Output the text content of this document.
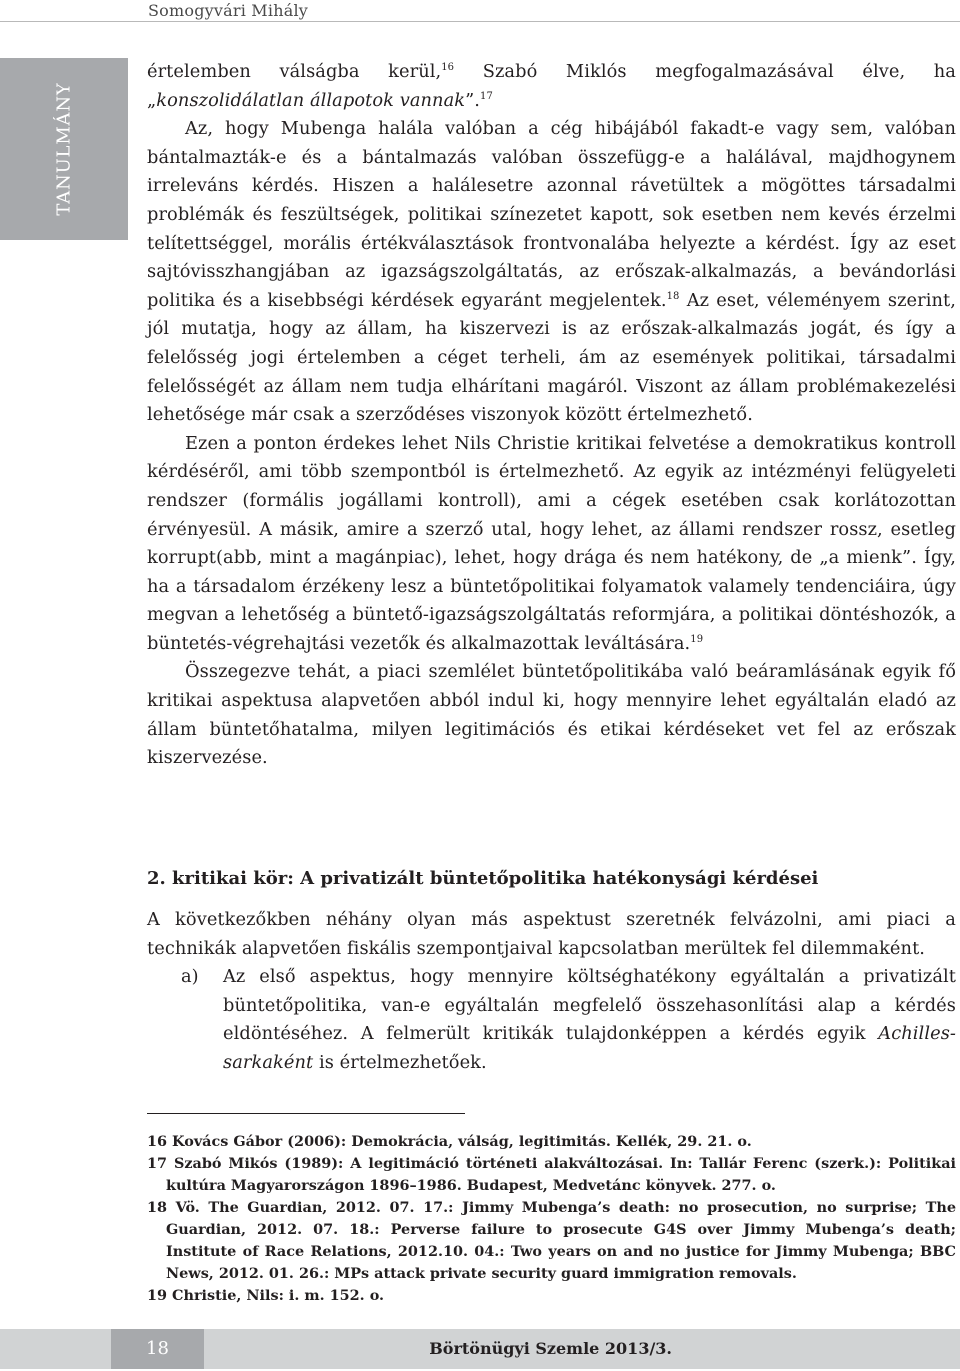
Somogyvári Mihály
TANULMÁNY

értelemben válságba kerül,$^{16}$ Szabó Miklós megfogalmazásával élve, ha „konszolidálatlan állapotok vannak”.$^{17}$

Az, hogy Mubenga halála valóban a cég hibájából fakadt-e vagy sem, valóban bántalmazták-e és a bántalmazás valóban összefügg-e a halálával, majdhogynem irreleváns kérdés. Hiszen a halálesetre azonnal rávetültek a mögöttes társadalmi problémák és feszültségek, politikai színezetet kapott, sok esetben nem kevés érzelmi telítettséggel, morális értékválasztások frontvonalába helyezte a kérdést. Így az eset sajtóvisszhangjában az igazságszolgáltatás, az erőszak-alkalmazás, a bevándorlási politika és a kisebbségi kérdések egyaránt megjelentek.$^{18}$ Az eset, véleményem szerint, jól mutatja, hogy az állam, ha kiszervezi is az erőszak-alkalmazás jogát, és így a felelősség jogi értelemben a céget terheli, ám az események politikai, társadalmi felelősségét az állam nem tudja elhárítani magáról. Viszont az állam problémakezelési lehetősége már csak a szerződéses viszonyok között értelmezhető.

Ezen a ponton érdekes lehet Nils Christie kritikai felvetése a demokratikus kontroll kérdéséről, ami több szempontból is értelmezhető. Az egyik az intézményi felügyeleti rendszer (formális jogállami kontroll), ami a cégek esetében csak korlátozottan érvényesül. A másik, amire a szerző utal, hogy lehet, az állami rendszer rossz, esetleg korrupt(abb, mint a magánpiac), lehet, hogy drága és nem hatékony, de „a mienk”. Így, ha a társadalom érzékeny lesz a büntetőpolitikai folyamatok valamely tendenciáira, úgy megvan a lehetőség a büntető-igazságszolgáltatás reformjára, a politikai döntéshozók, a büntetés-végrehajtási vezetők és alkalmazottak leváltására.$^{19}$

Összegezve tehát, a piaci szemlélet büntetőpolitikába való beáramlásának egyik fő kritikai aspektusa alapvetően abból indul ki, hogy mennyire lehet egyáltalán eladó az állam büntetőhatalma, milyen legitimációs és etikai kérdéseket vet fel az erőszak kiszervezése.

2. kritikai kör: A privatizált büntetőpolitika hatékonysági kérdései

A következőkben néhány olyan más aspektust szeretnék felvázolni, ami piaci a technikák alapvetően fiskális szempontjaival kapcsolatban merültek fel dilemmaként.

a) Az első aspektus, hogy mennyire költséghatékony egyáltalán a privatizált büntetőpolitika, van-e egyáltalán megfelelő összehasonlítási alap a kérdés eldöntéséhez. A felmerült kritikák tulajdonképpen a kérdés egyik Achilles-sarkaként is értelmezhetőek.
16 Kovács Gábor (2006): Demokrácia, válság, legitimitás. Kellék, 29. 21. o.
17 Szabó Mikós (1989): A legitimáció történeti alakváltozásai. In: Tallár Ferenc (szerk.): Politikai kultúra Magyarországon 1896–1986. Budapest, Medvetánc könyvek. 277. o.
18 Vö. The Guardian, 2012. 07. 17.: Jimmy Mubenga’s death: no prosecution, no surprise; The Guardian, 2012. 07. 18.: Perverse failure to prosecute G4S over Jimmy Mubenga’s death; Institute of Race Relations, 2012.10. 04.: Two years on and no justice for Jimmy Mubenga; BBC News, 2012. 01. 26.: MPs attack private security guard immigration removals.
19 Christie, Nils: i. m. 152. o.
18	Börtönügyi Szemle 2013/3.
